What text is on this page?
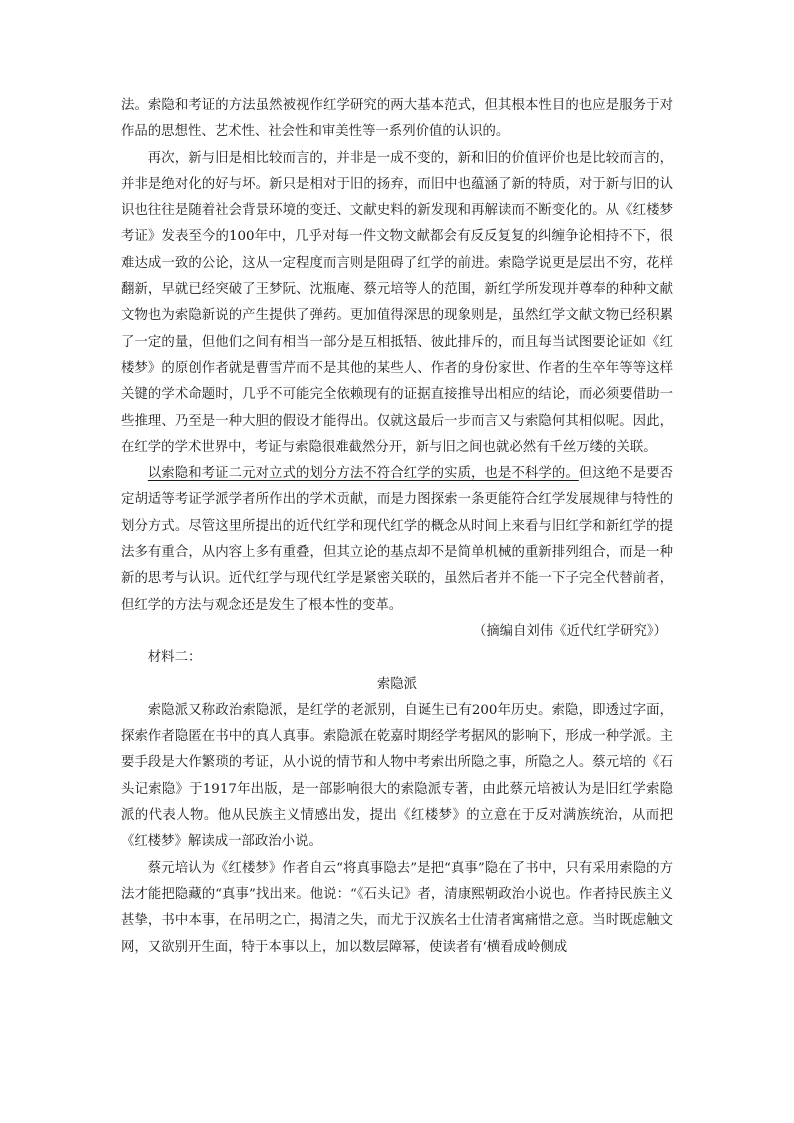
法。索隐和考证的方法虽然被视作红学研究的两大基本范式，但其根本性目的也应是服务于对作品的思想性、艺术性、社会性和审美性等一系列价值的认识的。

再次，新与旧是相比较而言的，并非是一成不变的，新和旧的价值评价也是比较而言的，并非是绝对化的好与坏。新只是相对于旧的扬弃，而旧中也蕴涵了新的特质，对于新与旧的认识也往往是随着社会背景环境的变迁、文献史料的新发现和再解读而不断变化的。从《红楼梦考证》发表至今的100年中，几乎对每一件文物文献都会有反反复复的纠缠争论相持不下，很难达成一致的公论，这从一定程度而言则是阻碍了红学的前进。索隐学说更是层出不穷，花样翻新，早就已经突破了王梦阮、沈瓶庵、蔡元培等人的范围，新红学所发现并尊奉的种种文献文物也为索隐新说的产生提供了弹药。更加值得深思的现象则是，虽然红学文献文物已经积累了一定的量，但他们之间有相当一部分是互相抵牾、彼此排斥的，而且每当试图要论证如《红楼梦》的原创作者就是曹雪芹而不是其他的某些人、作者的身份家世、作者的生卒年等等这样关键的学术命题时，几乎不可能完全依赖现有的证据直接推导出相应的结论，而必须要借助一些推理、乃至是一种大胆的假设才能得出。仅就这最后一步而言又与索隐何其相似呢。因此，在红学的学术世界中，考证与索隐很难截然分开，新与旧之间也就必然有千丝万缕的关联。

以索隐和考证二元对立式的划分方法不符合红学的实质，也是不科学的。但这绝不是要否定胡适等考证学派学者所作出的学术贡献，而是力图探索一条更能符合红学发展规律与特性的划分方式。尽管这里所提出的近代红学和现代红学的概念从时间上来看与旧红学和新红学的提法多有重合，从内容上多有重叠，但其立论的基点却不是简单机械的重新排列组合，而是一种新的思考与认识。近代红学与现代红学是紧密关联的，虽然后者并不能一下子完全代替前者，但红学的方法与观念还是发生了根本性的变革。

（摘编自刘伟《近代红学研究》）

材料二：

索隐派

索隐派又称政治索隐派，是红学的老派别，自诞生已有200年历史。索隐，即透过字面，探索作者隐匿在书中的真人真事。索隐派在乾嘉时期经学考据风的影响下，形成一种学派。主要手段是大作繁琐的考证，从小说的情节和人物中考索出所隐之事，所隐之人。蔡元培的《石头记索隐》于1917年出版，是一部影响很大的索隐派专著，由此蔡元培被认为是旧红学索隐派的代表人物。他从民族主义情感出发，提出《红楼梦》的立意在于反对满族统治，从而把《红楼梦》解读成一部政治小说。

蔡元培认为《红楼梦》作者自云“将真事隐去”是把“真事”隐在了书中，只有采用索隐的方法才能把隐藏的“真事”找出来。他说：“《石头记》者，清康熙朝政治小说也。作者持民族主义甚挚，书中本事，在吊明之亡，揭清之失，而尤于汉族名士仕清者寓痛惜之意。当时既虑触文网，又欲别开生面，特于本事以上，加以数层障幂，使读者有‘横看成岭侧成
